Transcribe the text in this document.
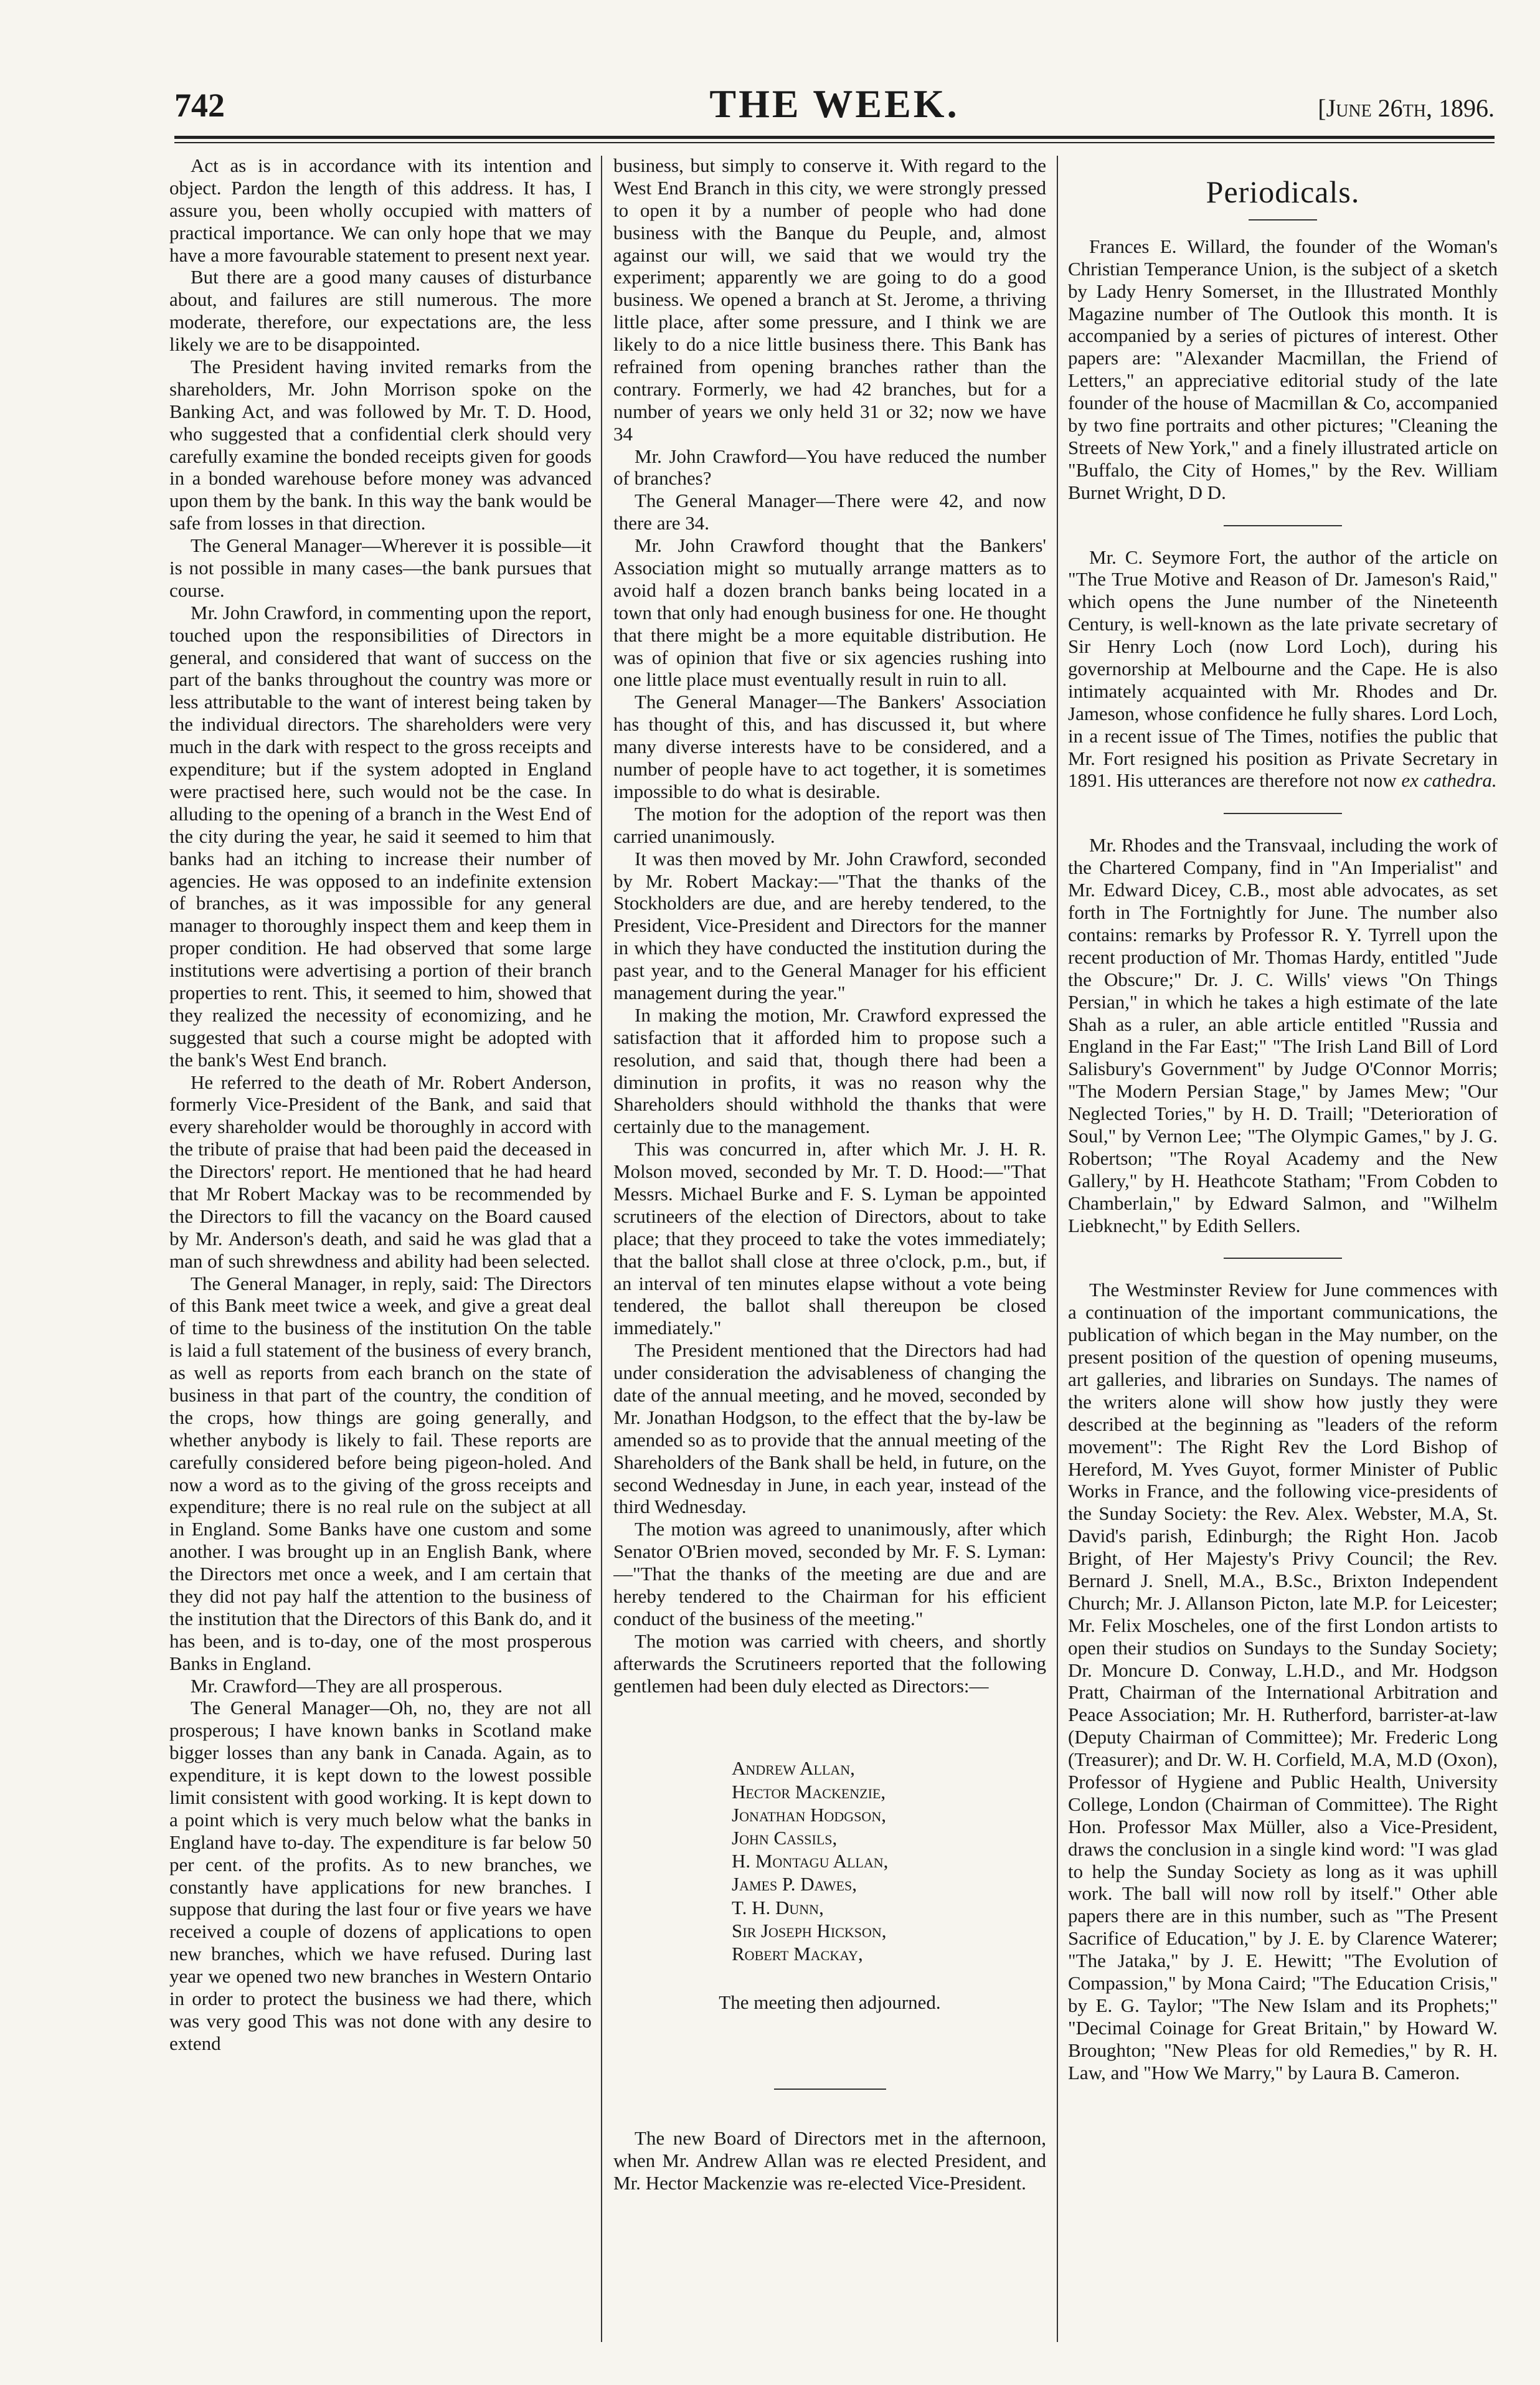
742	THE WEEK.	[June 26th, 1896.

Act as is in accordance with its intention and object. Pardon the length of this address. It has, I assure you, been wholly occupied with matters of practical importance. We can only hope that we may have a more favourable statement to present next year.

But there are a good many causes of disturbance about, and failures are still numerous. The more moderate, therefore, our expectations are, the less likely we are to be disappointed.

The President having invited remarks from the shareholders, Mr. John Morrison spoke on the Banking Act, and was followed by Mr. T. D. Hood, who suggested that a confidential clerk should very carefully examine the bonded receipts given for goods in a bonded warehouse before money was advanced upon them by the bank. In this way the bank would be safe from losses in that direction.

The General Manager—Wherever it is possible—it is not possible in many cases—the bank pursues that course.

Mr. John Crawford, in commenting upon the report, touched upon the responsibilities of Directors in general, and considered that want of success on the part of the banks throughout the country was more or less attributable to the want of interest being taken by the individual directors. The shareholders were very much in the dark with respect to the gross receipts and expenditure; but if the system adopted in England were practised here, such would not be the case. In alluding to the opening of a branch in the West End of the city during the year, he said it seemed to him that banks had an itching to increase their number of agencies. He was opposed to an indefinite extension of branches, as it was impossible for any general manager to thoroughly inspect them and keep them in proper condition. He had observed that some large institutions were advertising a portion of their branch properties to rent. This, it seemed to him, showed that they realized the necessity of economizing, and he suggested that such a course might be adopted with the bank's West End branch.

He referred to the death of Mr. Robert Anderson, formerly Vice-President of the Bank, and said that every shareholder would be thoroughly in accord with the tribute of praise that had been paid the deceased in the Directors' report. He mentioned that he had heard that Mr Robert Mackay was to be recommended by the Directors to fill the vacancy on the Board caused by Mr. Anderson's death, and said he was glad that a man of such shrewdness and ability had been selected.

The General Manager, in reply, said: The Directors of this Bank meet twice a week, and give a great deal of time to the business of the institution On the table is laid a full statement of the business of every branch, as well as reports from each branch on the state of business in that part of the country, the condition of the crops, how things are going generally, and whether anybody is likely to fail. These reports are carefully considered before being pigeon-holed. And now a word as to the giving of the gross receipts and expenditure; there is no real rule on the subject at all in England. Some Banks have one custom and some another. I was brought up in an English Bank, where the Directors met once a week, and I am certain that they did not pay half the attention to the business of the institution that the Directors of this Bank do, and it has been, and is to-day, one of the most prosperous Banks in England.

Mr. Crawford—They are all prosperous.

The General Manager—Oh, no, they are not all prosperous; I have known banks in Scotland make bigger losses than any bank in Canada. Again, as to expenditure, it is kept down to the lowest possible limit consistent with good working. It is kept down to a point which is very much below what the banks in England have to-day. The expenditure is far below 50 per cent. of the profits. As to new branches, we constantly have applications for new branches. I suppose that during the last four or five years we have received a couple of dozens of applications to open new branches, which we have refused. During last year we opened two new branches in Western Ontario in order to protect the business we had there, which was very good This was not done with any desire to extend

business, but simply to conserve it. With regard to the West End Branch in this city, we were strongly pressed to open it by a number of people who had done business with the Banque du Peuple, and, almost against our will, we said that we would try the experiment; apparently we are going to do a good business. We opened a branch at St. Jerome, a thriving little place, after some pressure, and I think we are likely to do a nice little business there. This Bank has refrained from opening branches rather than the contrary. Formerly, we had 42 branches, but for a number of years we only held 31 or 32; now we have 34

Mr. John Crawford—You have reduced the number of branches?

The General Manager—There were 42, and now there are 34.

Mr. John Crawford thought that the Bankers' Association might so mutually arrange matters as to avoid half a dozen branch banks being located in a town that only had enough business for one. He thought that there might be a more equitable distribution. He was of opinion that five or six agencies rushing into one little place must eventually result in ruin to all.

The General Manager—The Bankers' Association has thought of this, and has discussed it, but where many diverse interests have to be considered, and a number of people have to act together, it is sometimes impossible to do what is desirable.

The motion for the adoption of the report was then carried unanimously.

It was then moved by Mr. John Crawford, seconded by Mr. Robert Mackay:—"That the thanks of the Stockholders are due, and are hereby tendered, to the President, Vice-President and Directors for the manner in which they have conducted the institution during the past year, and to the General Manager for his efficient management during the year."

In making the motion, Mr. Crawford expressed the satisfaction that it afforded him to propose such a resolution, and said that, though there had been a diminution in profits, it was no reason why the Shareholders should withhold the thanks that were certainly due to the management.

This was concurred in, after which Mr. J. H. R. Molson moved, seconded by Mr. T. D. Hood:—"That Messrs. Michael Burke and F. S. Lyman be appointed scrutineers of the election of Directors, about to take place; that they proceed to take the votes immediately; that the ballot shall close at three o'clock, p.m., but, if an interval of ten minutes elapse without a vote being tendered, the ballot shall thereupon be closed immediately."

The President mentioned that the Directors had had under consideration the advisableness of changing the date of the annual meeting, and he moved, seconded by Mr. Jonathan Hodgson, to the effect that the by-law be amended so as to provide that the annual meeting of the Shareholders of the Bank shall be held, in future, on the second Wednesday in June, in each year, instead of the third Wednesday.

The motion was agreed to unanimously, after which Senator O'Brien moved, seconded by Mr. F. S. Lyman:—"That the thanks of the meeting are due and are hereby tendered to the Chairman for his efficient conduct of the business of the meeting."

The motion was carried with cheers, and shortly afterwards the Scrutineers reported that the following gentlemen had been duly elected as Directors:—

Andrew Allan,
Hector Mackenzie,
Jonathan Hodgson,
John Cassils,
H. Montagu Allan,
James P. Dawes,
T. H. Dunn,
Sir Joseph Hickson,
Robert Mackay,

The meeting then adjourned.

The new Board of Directors met in the afternoon, when Mr. Andrew Allan was re elected President, and Mr. Hector Mackenzie was re-elected Vice-President.

Periodicals.

Frances E. Willard, the founder of the Woman's Christian Temperance Union, is the subject of a sketch by Lady Henry Somerset, in the Illustrated Monthly Magazine number of The Outlook this month. It is accompanied by a series of pictures of interest. Other papers are: "Alexander Macmillan, the Friend of Letters," an appreciative editorial study of the late founder of the house of Macmillan & Co, accompanied by two fine portraits and other pictures; "Cleaning the Streets of New York," and a finely illustrated article on "Buffalo, the City of Homes," by the Rev. William Burnet Wright, D D.

Mr. C. Seymore Fort, the author of the article on "The True Motive and Reason of Dr. Jameson's Raid," which opens the June number of the Nineteenth Century, is well-known as the late private secretary of Sir Henry Loch (now Lord Loch), during his governorship at Melbourne and the Cape. He is also intimately acquainted with Mr. Rhodes and Dr. Jameson, whose confidence he fully shares. Lord Loch, in a recent issue of The Times, notifies the public that Mr. Fort resigned his position as Private Secretary in 1891. His utterances are therefore not now ex cathedra.

Mr. Rhodes and the Transvaal, including the work of the Chartered Company, find in "An Imperialist" and Mr. Edward Dicey, C.B., most able advocates, as set forth in The Fortnightly for June. The number also contains: remarks by Professor R. Y. Tyrrell upon the recent production of Mr. Thomas Hardy, entitled "Jude the Obscure;" Dr. J. C. Wills' views "On Things Persian," in which he takes a high estimate of the late Shah as a ruler, an able article entitled "Russia and England in the Far East;" "The Irish Land Bill of Lord Salisbury's Government" by Judge O'Connor Morris; "The Modern Persian Stage," by James Mew; "Our Neglected Tories," by H. D. Traill; "Deterioration of Soul," by Vernon Lee; "The Olympic Games," by J. G. Robertson; "The Royal Academy and the New Gallery," by H. Heathcote Statham; "From Cobden to Chamberlain," by Edward Salmon, and "Wilhelm Liebknecht," by Edith Sellers.

The Westminster Review for June commences with a continuation of the important communications, the publication of which began in the May number, on the present position of the question of opening museums, art galleries, and libraries on Sundays. The names of the writers alone will show how justly they were described at the beginning as "leaders of the reform movement": The Right Rev the Lord Bishop of Hereford, M. Yves Guyot, former Minister of Public Works in France, and the following vice-presidents of the Sunday Society: the Rev. Alex. Webster, M.A, St. David's parish, Edinburgh; the Right Hon. Jacob Bright, of Her Majesty's Privy Council; the Rev. Bernard J. Snell, M.A., B.Sc., Brixton Independent Church; Mr. J. Allanson Picton, late M.P. for Leicester; Mr. Felix Moscheles, one of the first London artists to open their studios on Sundays to the Sunday Society; Dr. Moncure D. Conway, L.H.D., and Mr. Hodgson Pratt, Chairman of the International Arbitration and Peace Association; Mr. H. Rutherford, barrister-at-law (Deputy Chairman of Committee); Mr. Frederic Long (Treasurer); and Dr. W. H. Corfield, M.A, M.D (Oxon), Professor of Hygiene and Public Health, University College, London (Chairman of Committee). The Right Hon. Professor Max Müller, also a Vice-President, draws the conclusion in a single kind word: "I was glad to help the Sunday Society as long as it was uphill work. The ball will now roll by itself." Other able papers there are in this number, such as "The Present Sacrifice of Education," by J. E. by Clarence Waterer; "The Jataka," by J. E. Hewitt; "The Evolution of Compassion," by Mona Caird; "The Education Crisis," by E. G. Taylor; "The New Islam and its Prophets;" "Decimal Coinage for Great Britain," by Howard W. Broughton; "New Pleas for old Remedies," by R. H. Law, and "How We Marry," by Laura B. Cameron.
